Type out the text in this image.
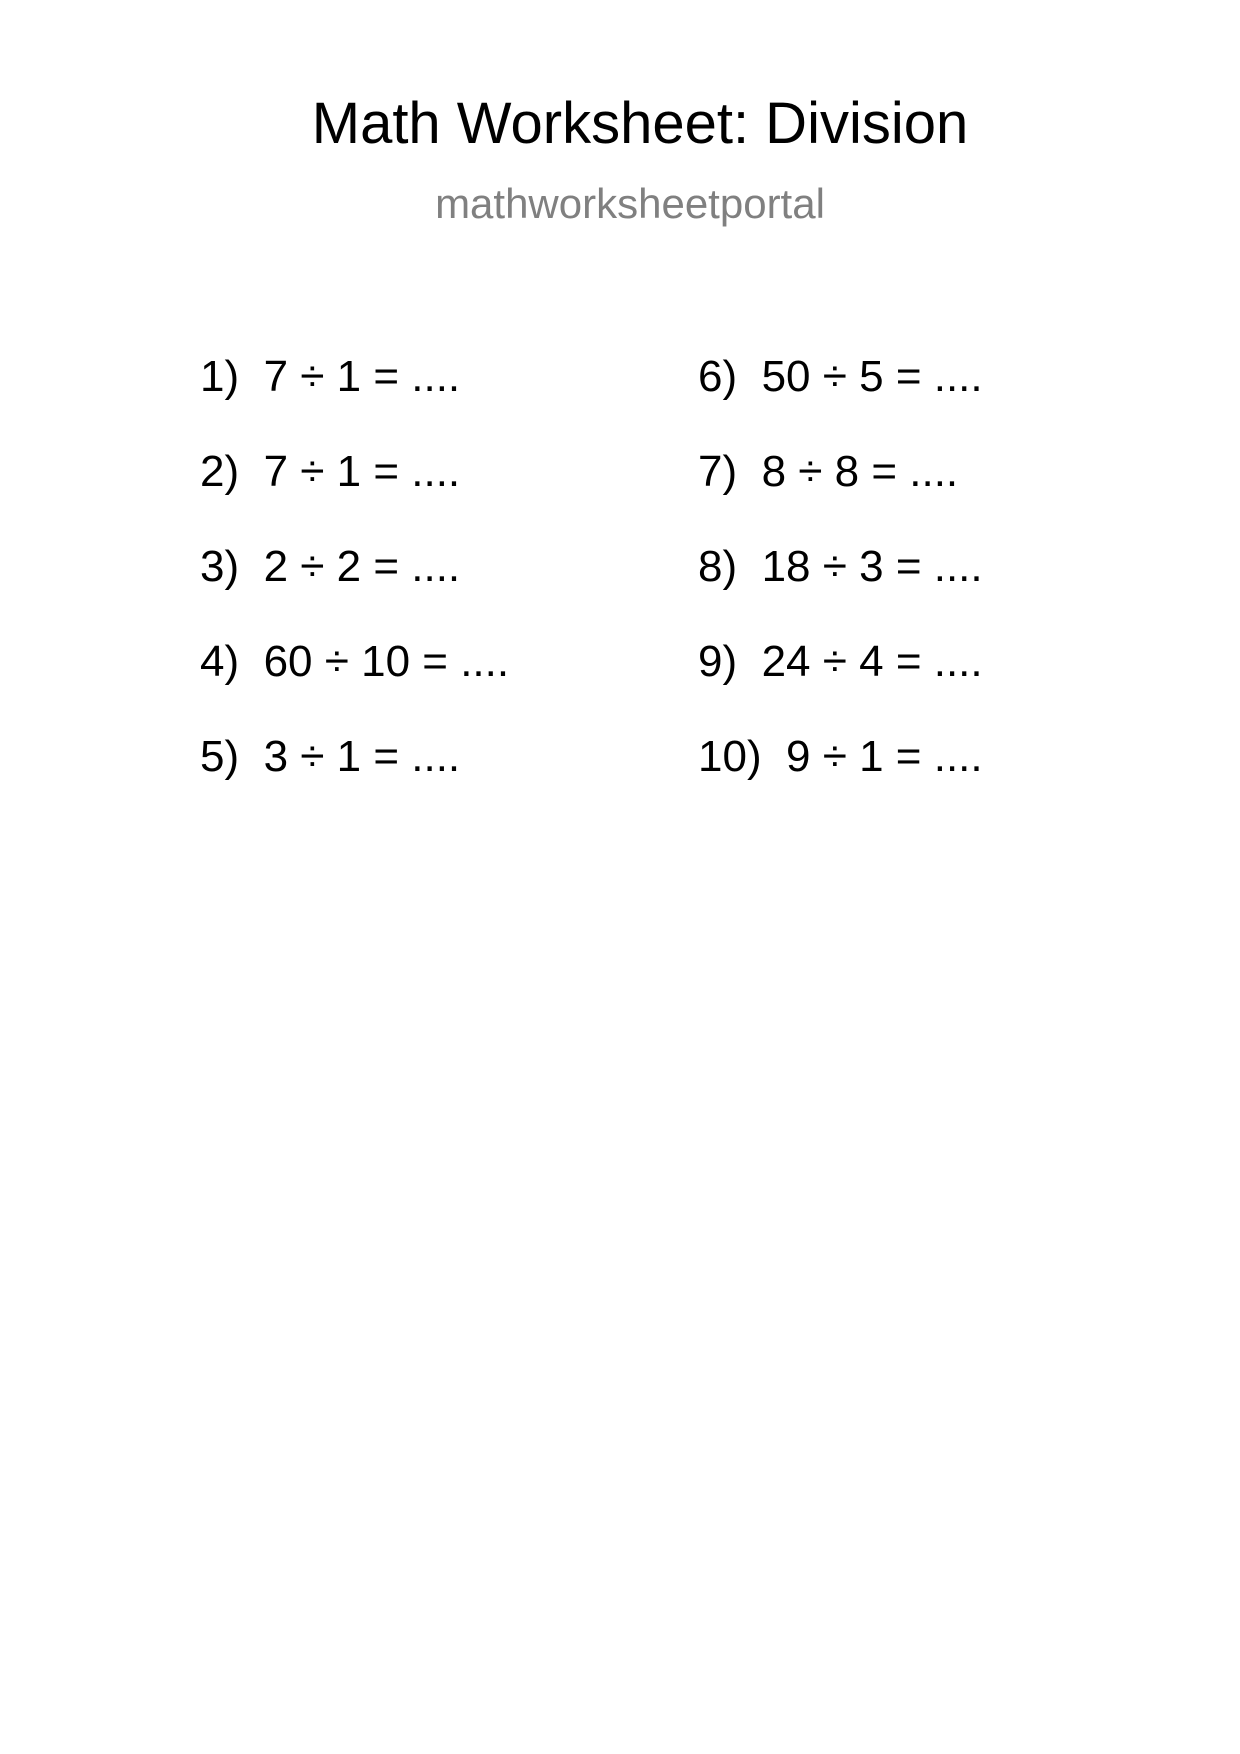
Math Worksheet: Division
mathworksheetportal
1) 7 ÷ 1 = ....
2) 7 ÷ 1 = ....
3) 2 ÷ 2 = ....
4) 60 ÷ 10 = ....
5) 3 ÷ 1 = ....
6) 50 ÷ 5 = ....
7) 8 ÷ 8 = ....
8) 18 ÷ 3 = ....
9) 24 ÷ 4 = ....
10) 9 ÷ 1 = ....
